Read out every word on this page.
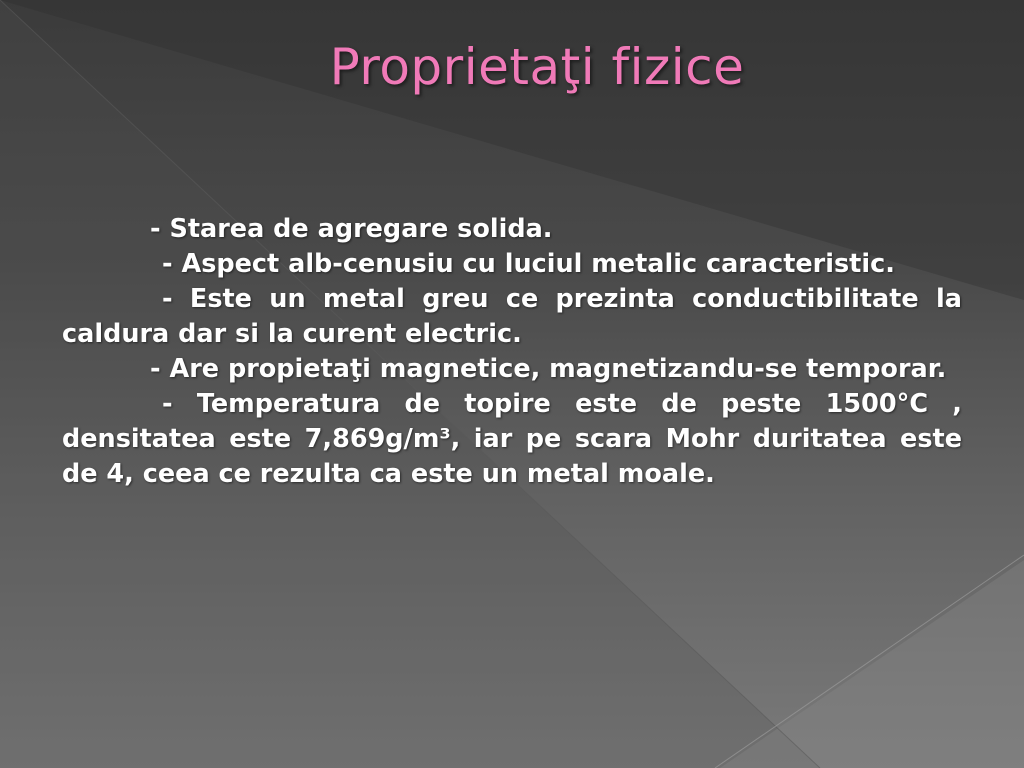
Proprietaţi fizice

- Starea de agregare solida.

- Aspect alb-cenusiu cu luciul metalic caracteristic.

- Este un metal greu ce prezinta conductibilitate la caldura dar si la curent electric.

- Are propietaţi magnetice, magnetizandu-se temporar.

- Temperatura de topire este de peste 1500°C , densitatea este 7,869g/m³, iar pe scara Mohr duritatea este de 4, ceea ce rezulta ca este un metal moale.
